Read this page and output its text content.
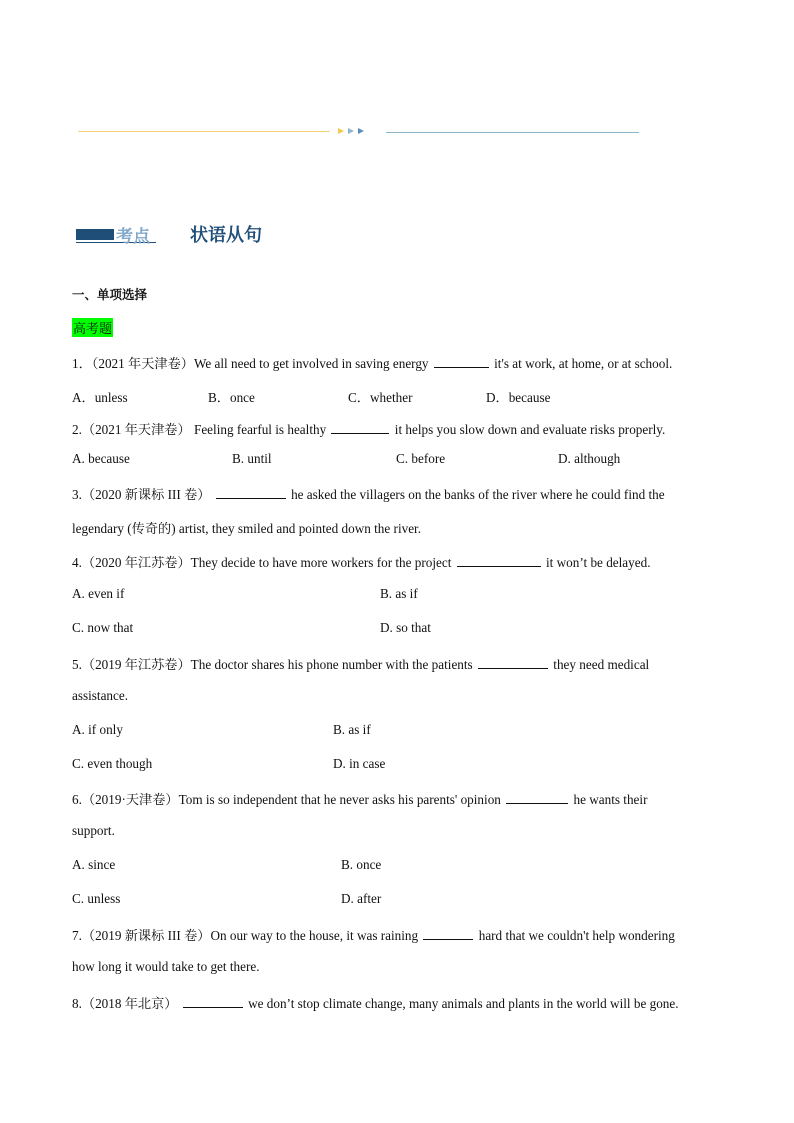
考点 状语从句
一、单项选择
高考题
1．（2021 年天津卷）We all need to get involved in saving energy	it's at work, at home, or at school.
A．unless	B．once	C．whether	D．because
2.（2021 年天津卷） Feeling fearful is healthy	it helps you slow down and evaluate risks properly.
A. because	B. until	C. before	D. although
3.（2020 新课标 III 卷）	he asked the villagers on the banks of the river where he could find the
legendary (传奇的) artist, they smiled and pointed down the river.
4.（2020 年江苏卷）They decide to have more workers for the project	it won’t be delayed.
A. even if	B. as if
C. now that	D. so that
5.（2019 年江苏卷）The doctor shares his phone number with the patients	they need medical
assistance.
A. if only	B. as if
C. even though	D. in case
6.（2019·天津卷）Tom is so independent that he never asks his parents' opinion	he wants their
support.
A. since	B. once
C. unless	D. after
7.（2019 新课标 III 卷）On our way to the house, it was raining	hard that we couldn't help wondering
how long it would take to get there.
8.（2018 年北京）	we don’t stop climate change, many animals and plants in the world will be gone.
